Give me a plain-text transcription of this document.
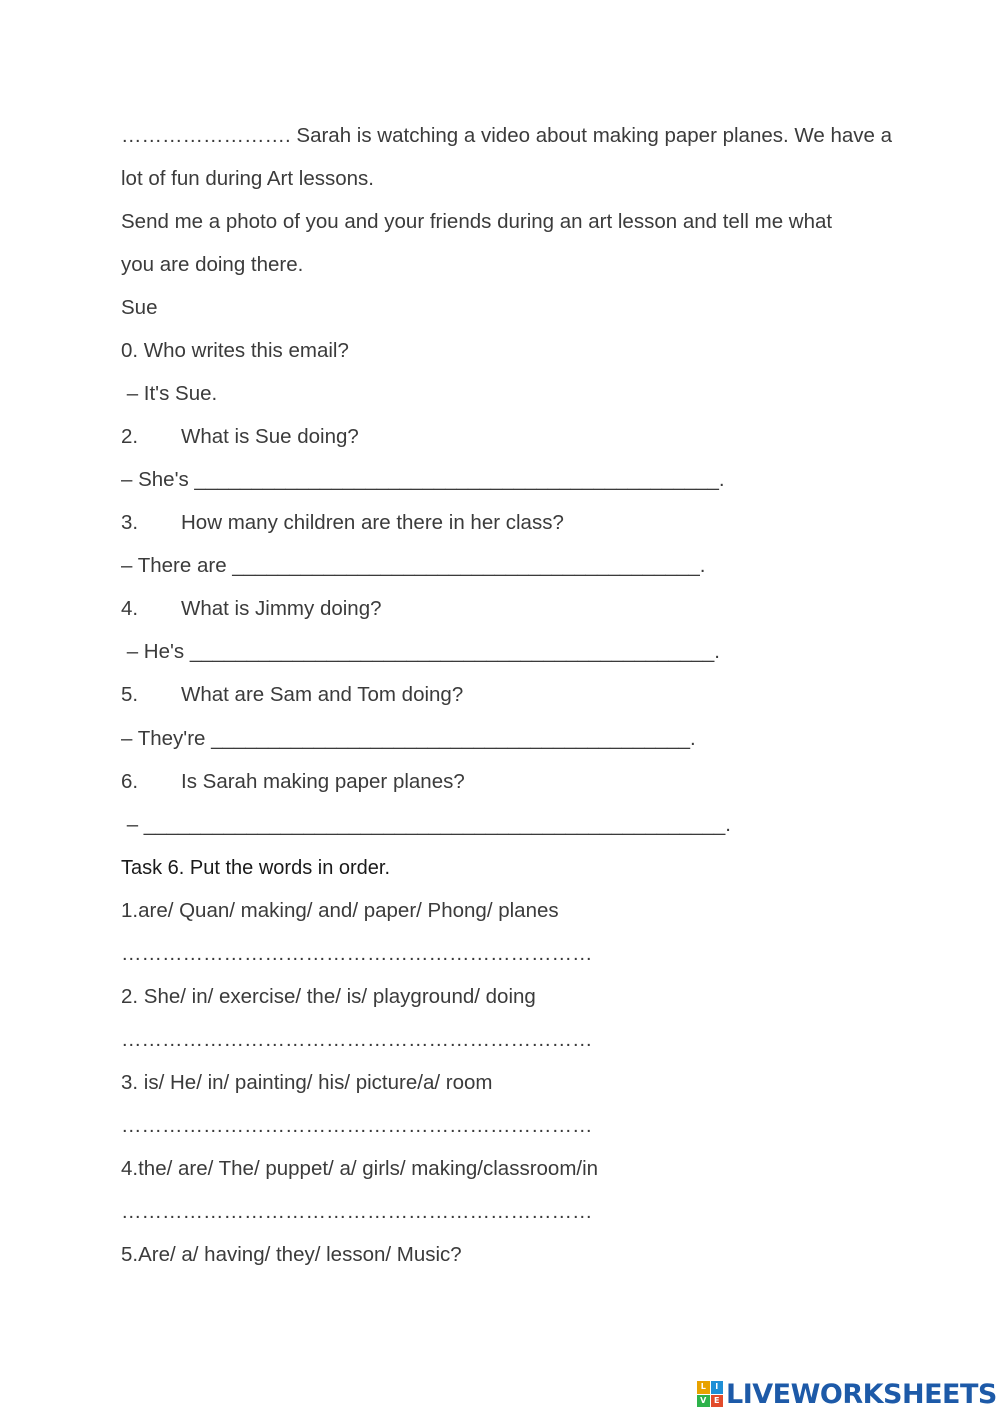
……………………. Sarah is watching a video about making paper planes. We have a
lot of fun during Art lessons.
Send me a photo of you and your friends during an art lesson and tell me what
you are doing there.
Sue
0. Who writes this email?
– It's Sue.
2. What is Sue doing?
– She's ______________________________________________.
3. How many children are there in her class?
– There are _________________________________________.
4. What is Jimmy doing?
– He's ______________________________________________.
5. What are Sam and Tom doing?
– They're __________________________________________.
6. Is Sarah making paper planes?
– ___________________________________________________.
Task 6. Put the words in order.
1.are/ Quan/ making/ and/ paper/ Phong/ planes
……………………………………………………………
2. She/ in/ exercise/ the/ is/ playground/ doing
……………………………………………………………
3. is/ He/ in/ painting/ his/ picture/a/ room
……………………………………………………………
4.the/ are/ The/ puppet/ a/ girls/ making/classroom/in
……………………………………………………………
5.Are/ a/ having/ they/ lesson/ Music?
L	I
V E LIVEWORKSHEETS
